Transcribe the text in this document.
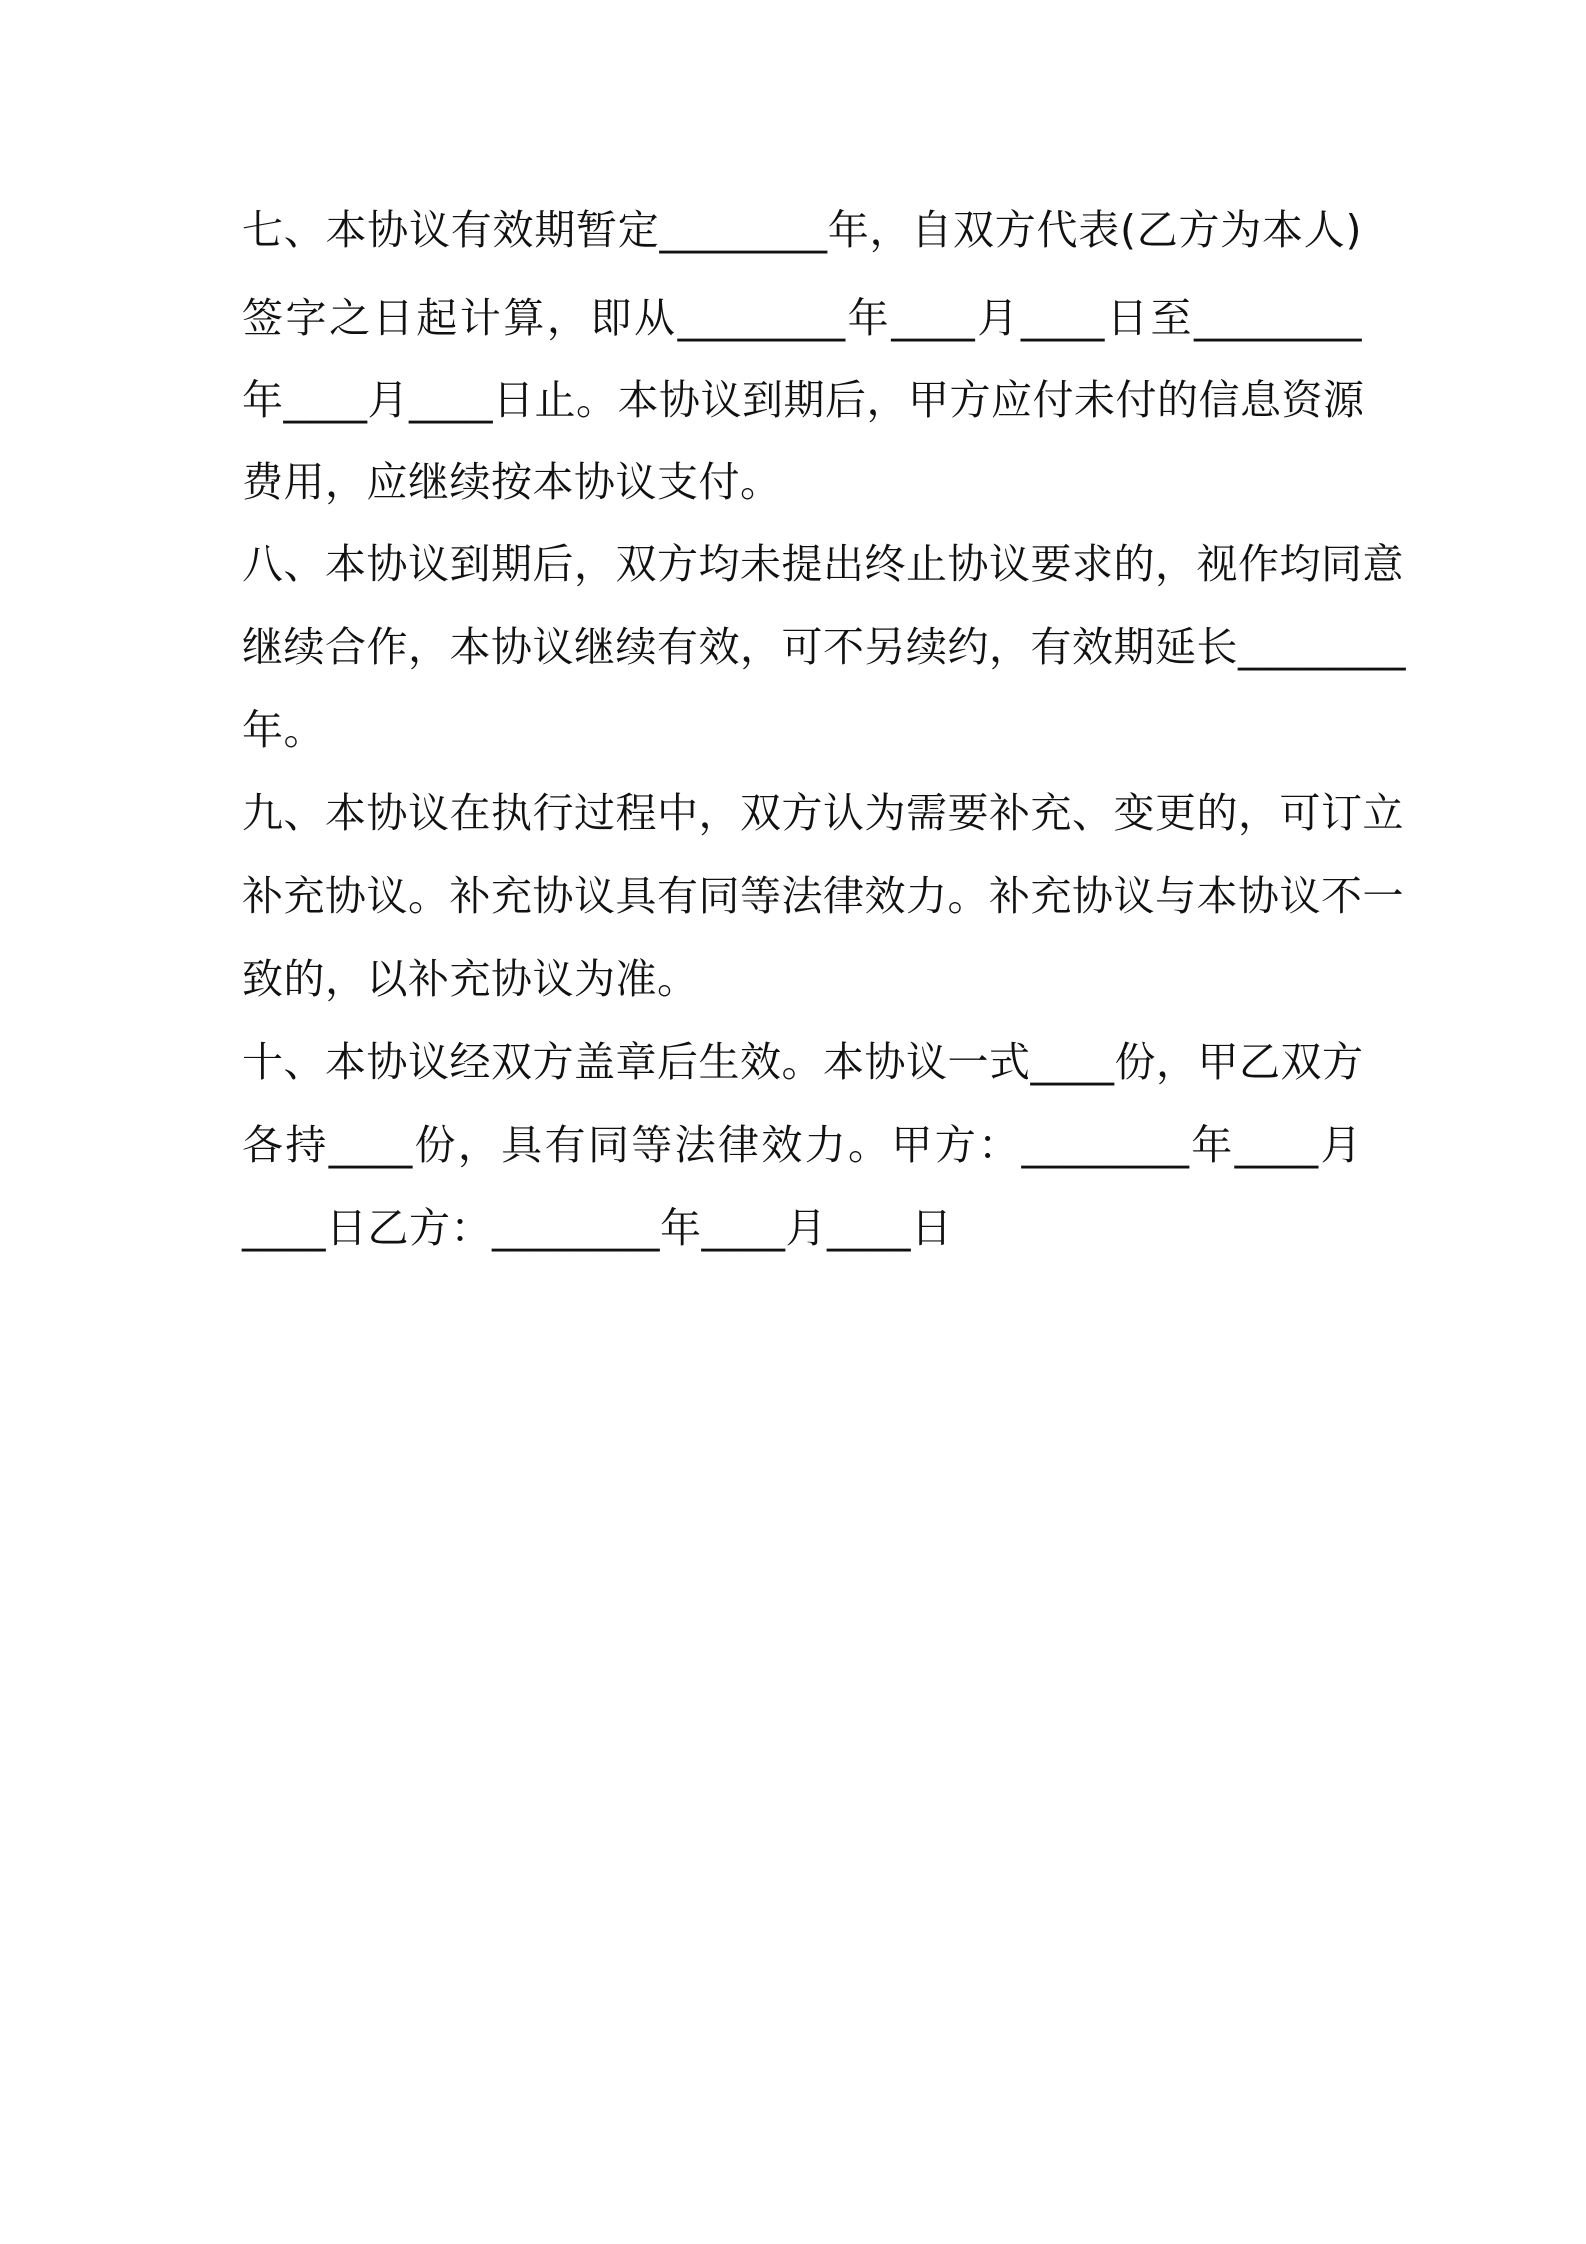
七、本协议有效期暂定________年，自双方代表(乙方为本人)
签字之日起计算，即从________年____月____日至________
年____月____日止。本协议到期后，甲方应付未付的信息资源
费用，应继续按本协议支付。
八、本协议到期后，双方均未提出终止协议要求的，视作均同意
继续合作，本协议继续有效，可不另续约，有效期延长________
年。
九、本协议在执行过程中，双方认为需要补充、变更的，可订立
补充协议。补充协议具有同等法律效力。补充协议与本协议不一
致的，以补充协议为准。
十、本协议经双方盖章后生效。本协议一式____份，甲乙双方
各持____份，具有同等法律效力。甲方：________年____月
____日乙方：________年____月____日
